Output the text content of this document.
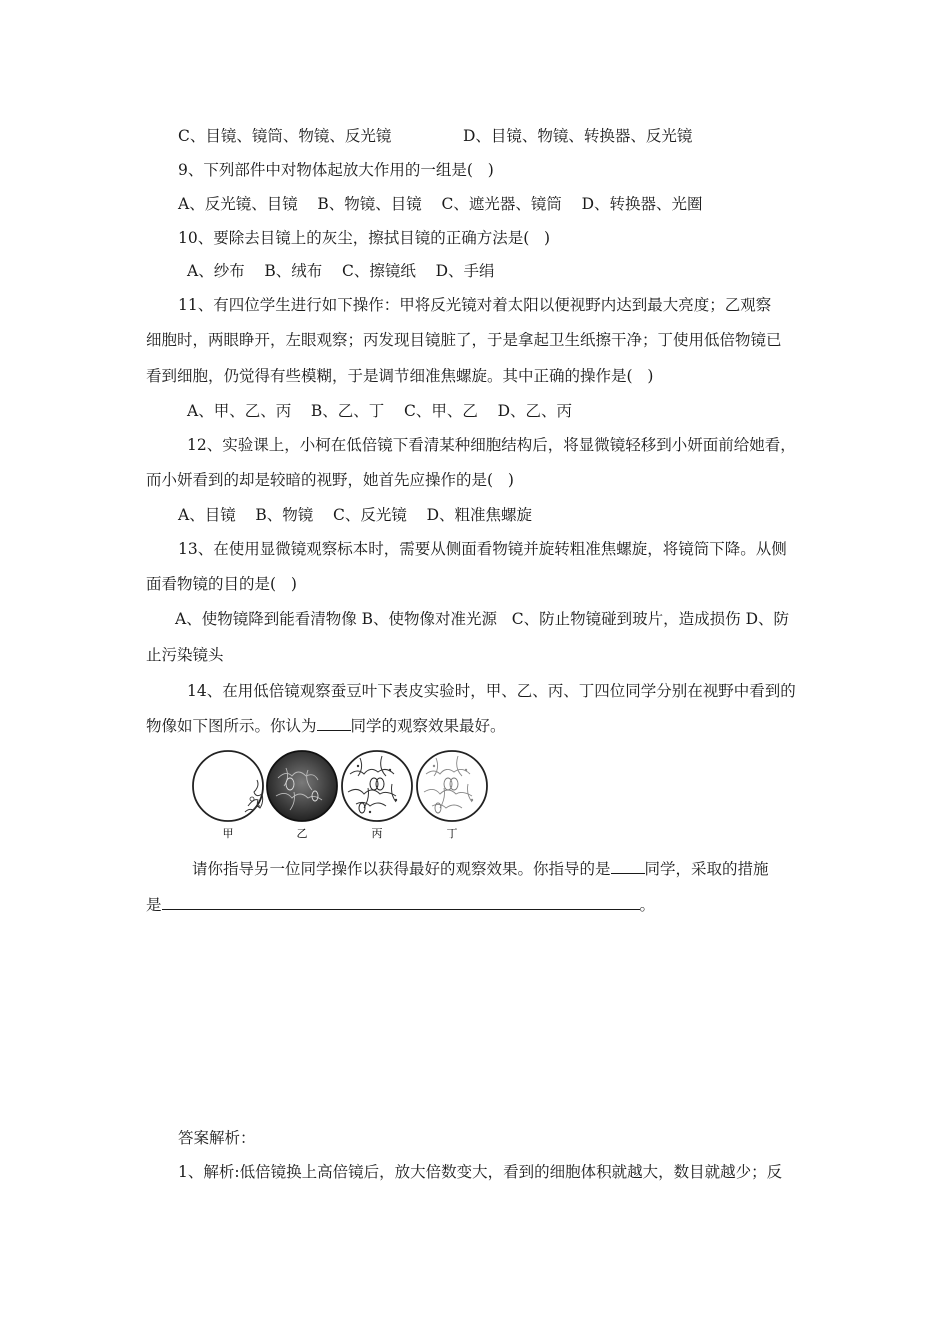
C、目镜、镜筒、物镜、反光镜	D、目镜、物镜、转换器、反光镜
9、下列部件中对物体起放大作用的一组是(   )
A、反光镜、目镜    B、物镜、目镜    C、遮光器、镜筒    D、转换器、光圈
10、要除去目镜上的灰尘，擦拭目镜的正确方法是(   )
A、纱布    B、绒布    C、擦镜纸    D、手绢
11、有四位学生进行如下操作：甲将反光镜对着太阳以便视野内达到最大亮度；乙观察
细胞时，两眼睁开，左眼观察；丙发现目镜脏了，于是拿起卫生纸擦干净；丁使用低倍物镜已
看到细胞，仍觉得有些模糊，于是调节细准焦螺旋。其中正确的操作是(   )
A、甲、乙、丙    B、乙、丁    C、甲、乙    D、乙、丙
12、实验课上，小柯在低倍镜下看清某种细胞结构后，将显微镜轻移到小妍面前给她看，
而小妍看到的却是较暗的视野，她首先应操作的是(   )
A、目镜    B、物镜    C、反光镜    D、粗准焦螺旋
13、在使用显微镜观察标本时，需要从侧面看物镜并旋转粗准焦螺旋，将镜筒下降。从侧
面看物镜的目的是(   )
A、使物镜降到能看清物像 B、使物像对准光源   C、防止物镜碰到玻片，造成损伤 D、防
止污染镜头
14、在用低倍镜观察蚕豆叶下表皮实验时，甲、乙、丙、丁四位同学分别在视野中看到的
物像如下图所示。你认为 同学的观察效果最好。
甲	乙	丙	丁
请你指导另一位同学操作以获得最好的观察效果。你指导的是 同学，采取的措施
是	。
答案解析：
1、解析:低倍镜换上高倍镜后，放大倍数变大，看到的细胞体积就越大，数目就越少；反
